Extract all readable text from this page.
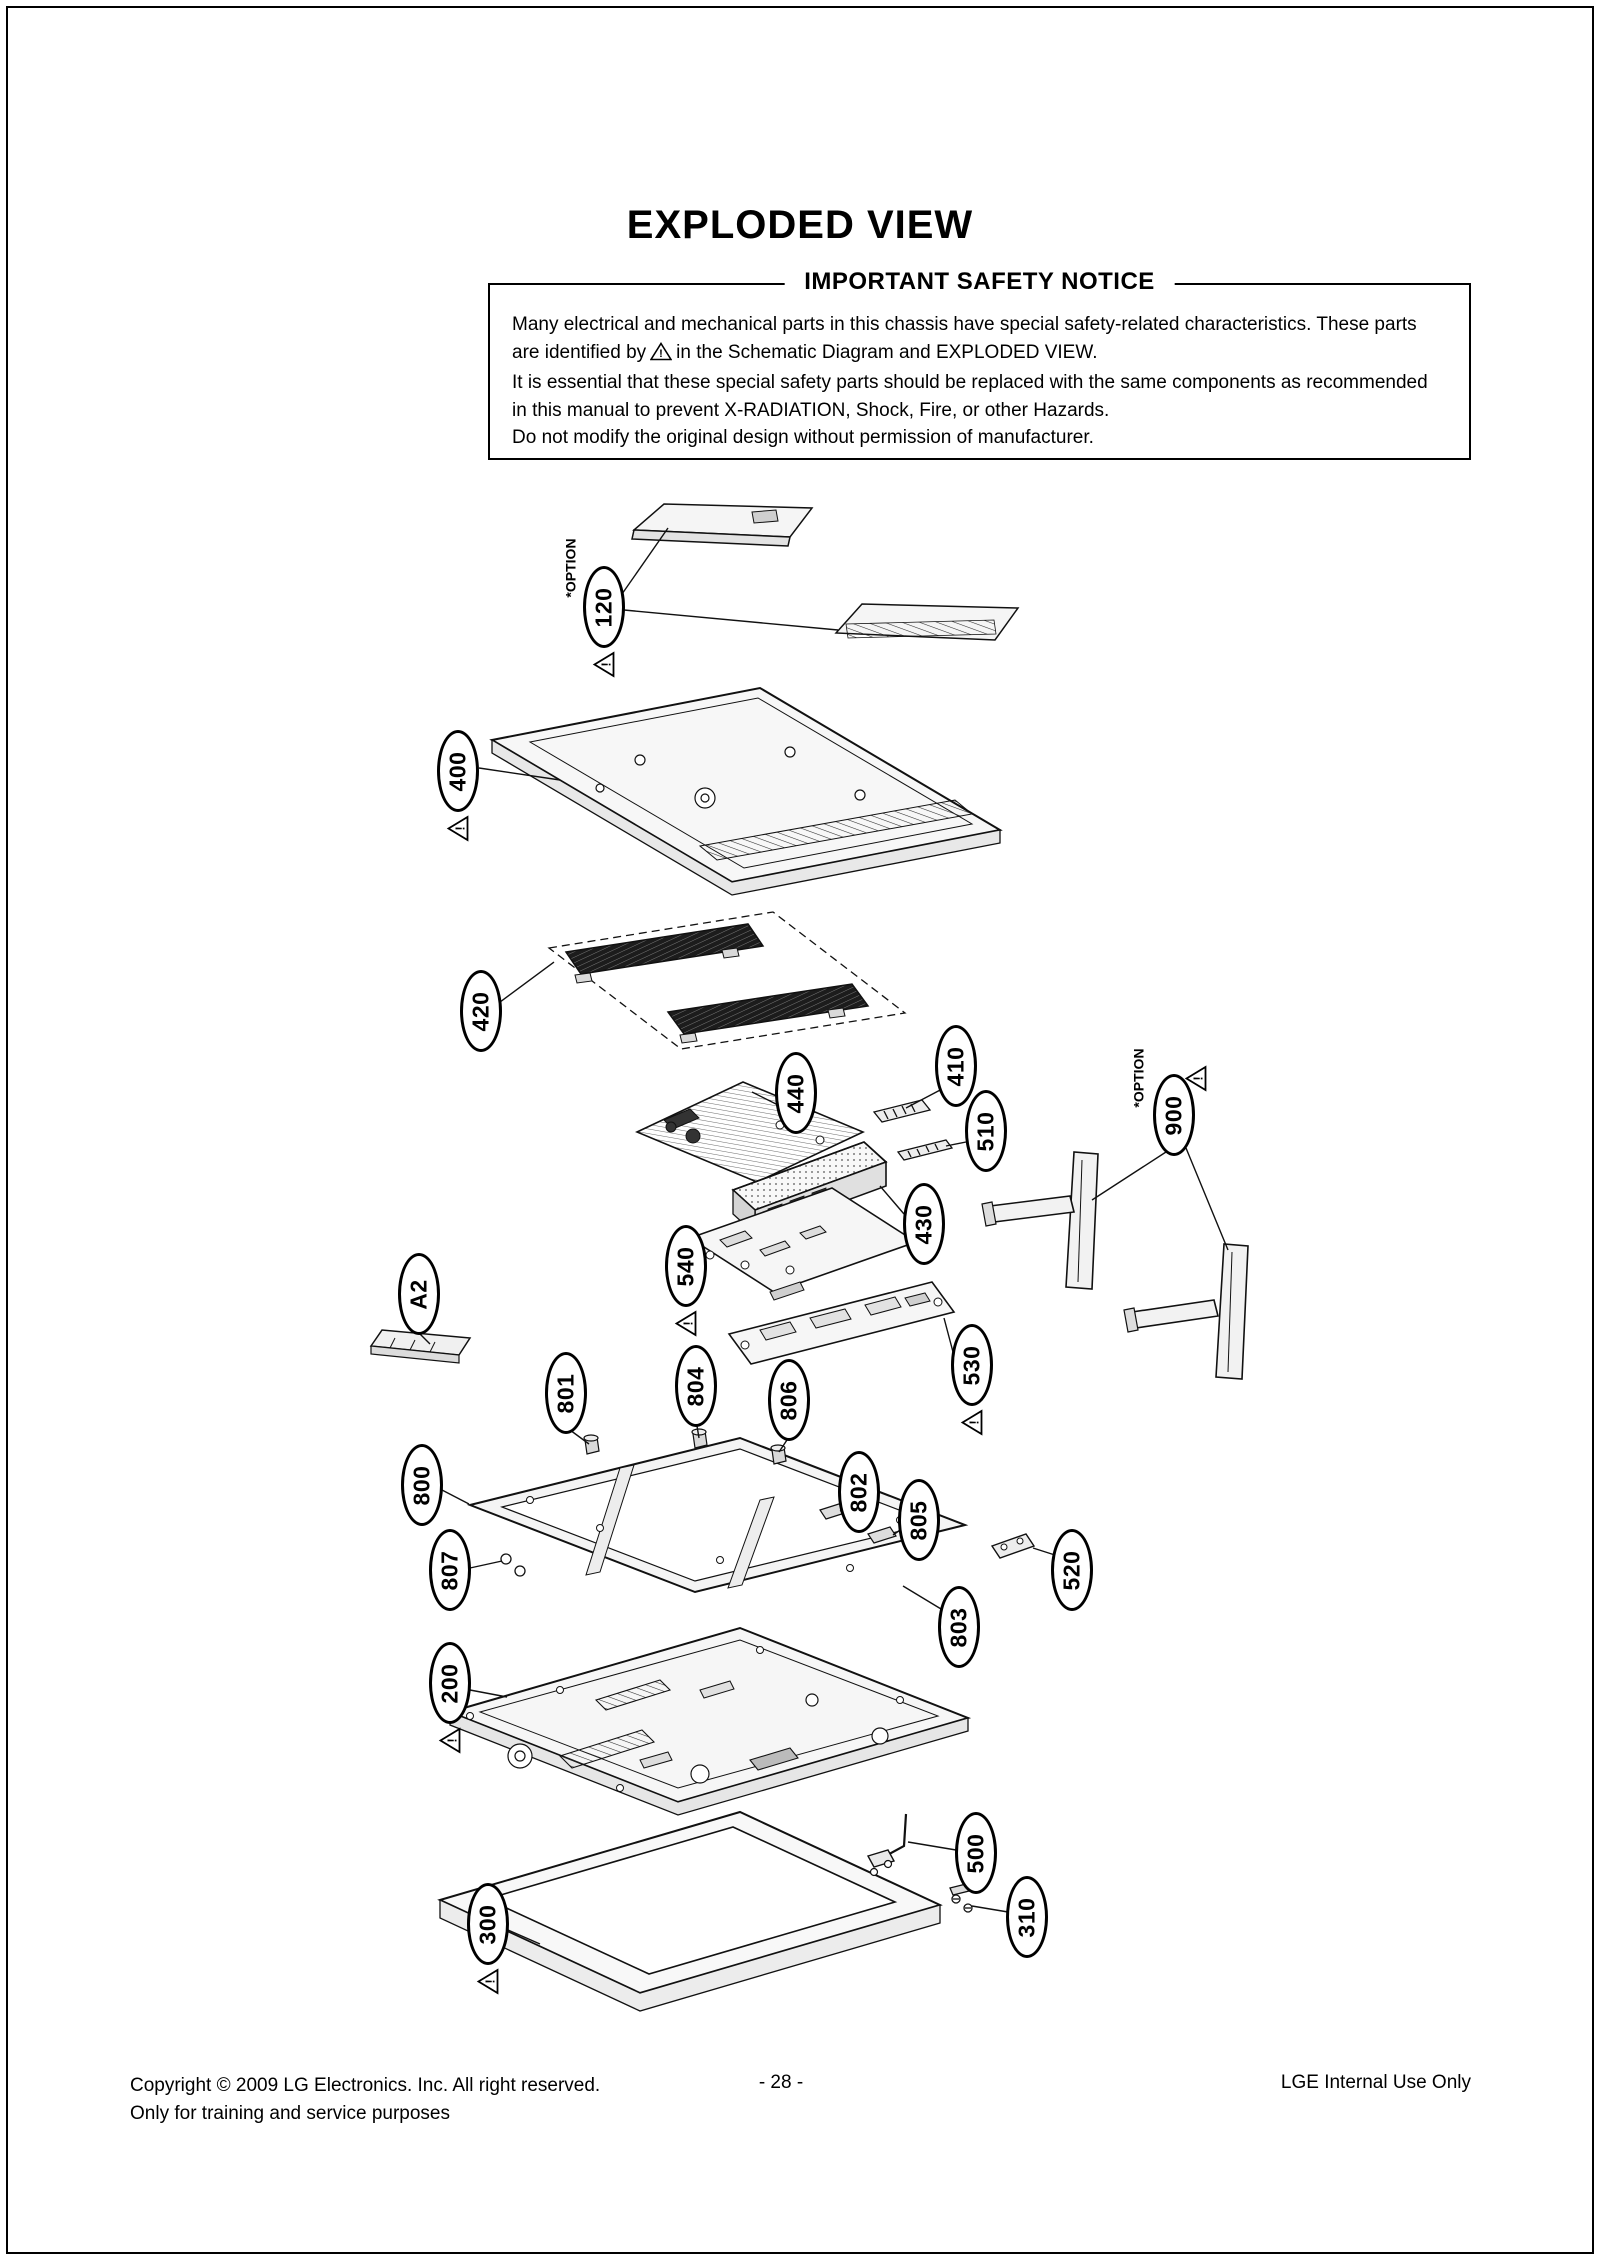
EXPLODED VIEW
IMPORTANT SAFETY NOTICE
Many electrical and mechanical parts in this chassis have special safety-related characteristics. These parts
are identified by ! in the Schematic Diagram and EXPLODED VIEW.
It is essential that these special safety parts should be replaced with the same components as recommended
in this manual to prevent X-RADIATION, Shock, Fire, or other Hazards.
Do not modify the original design without permission of manufacturer.
120
400
420
440
410
510	900
430
540
A2
530
801	804	806
800	802
805
807	520
803
200
500
310
300
*OPTION
*OPTION
!
!
!
!
!
!
!
Copyright © 2009 LG Electronics. Inc. All right reserved.
Only for training and service purposes
- 28 -	LGE Internal Use Only
